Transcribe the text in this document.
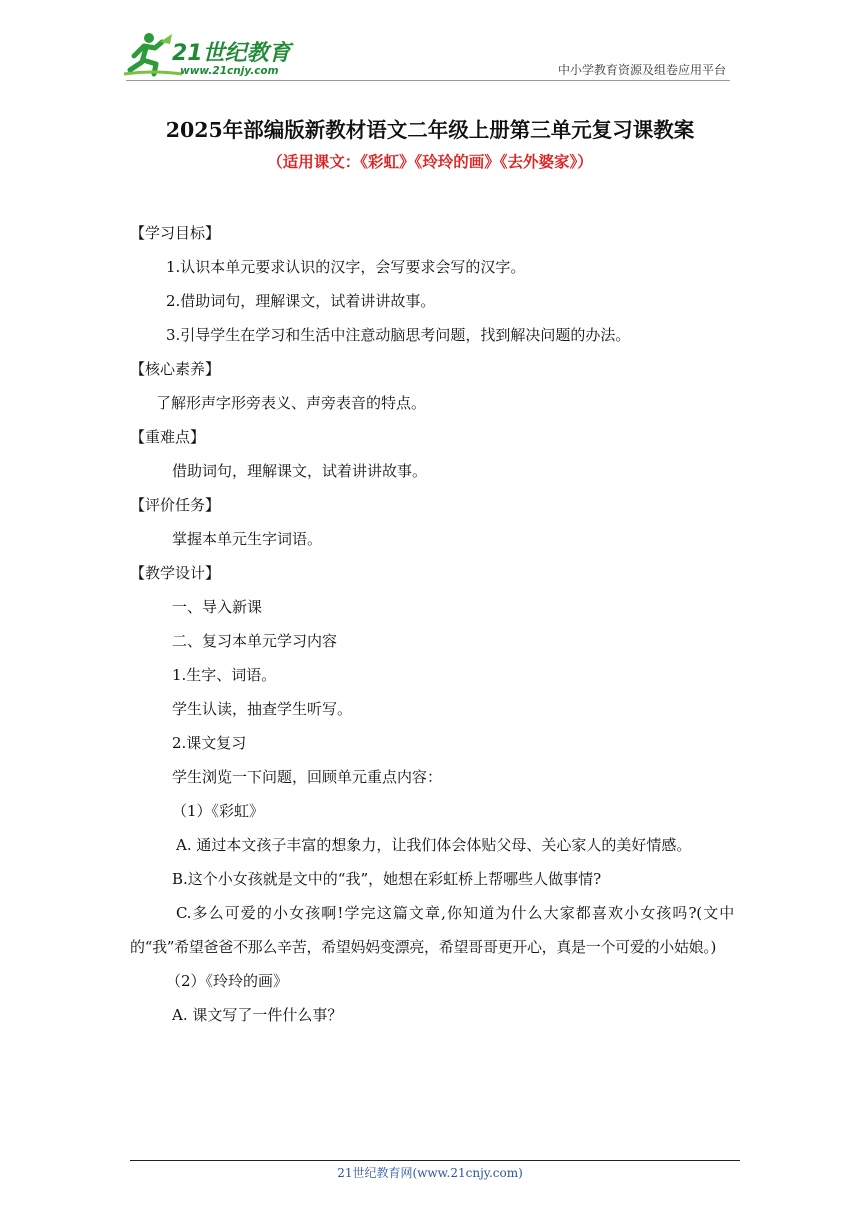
21世纪教育
www.21cnjy.com	中小学教育资源及组卷应用平台
2025年部编版新教材语文二年级上册第三单元复习课教案
（适用课文：《彩虹》《玲玲的画》《去外婆家》）
【学习目标】
1.认识本单元要求认识的汉字，会写要求会写的汉字。
2.借助词句，理解课文，试着讲讲故事。
3.引导学生在学习和生活中注意动脑思考问题，找到解决问题的办法。
【核心素养】
了解形声字形旁表义、声旁表音的特点。
【重难点】
借助词句，理解课文，试着讲讲故事。
【评价任务】
掌握本单元生字词语。
【教学设计】
一、导入新课
二、复习本单元学习内容
1.生字、词语。
学生认读，抽查学生听写。
2.课文复习
学生浏览一下问题，回顾单元重点内容：
（1）《彩虹》
A. 通过本文孩子丰富的想象力，让我们体会体贴父母、关心家人的美好情感。
B.这个小女孩就是文中的“我”，她想在彩虹桥上帮哪些人做事情?
C.多么可爱的小女孩啊!学完这篇文章,你知道为什么大家都喜欢小女孩吗?(文中的“我”希望爸爸不那么辛苦，希望妈妈变漂亮，希望哥哥更开心，真是一个可爱的小姑娘。)
（2）《玲玲的画》
A. 课文写了一件什么事？
21世纪教育网(www.21cnjy.com)
